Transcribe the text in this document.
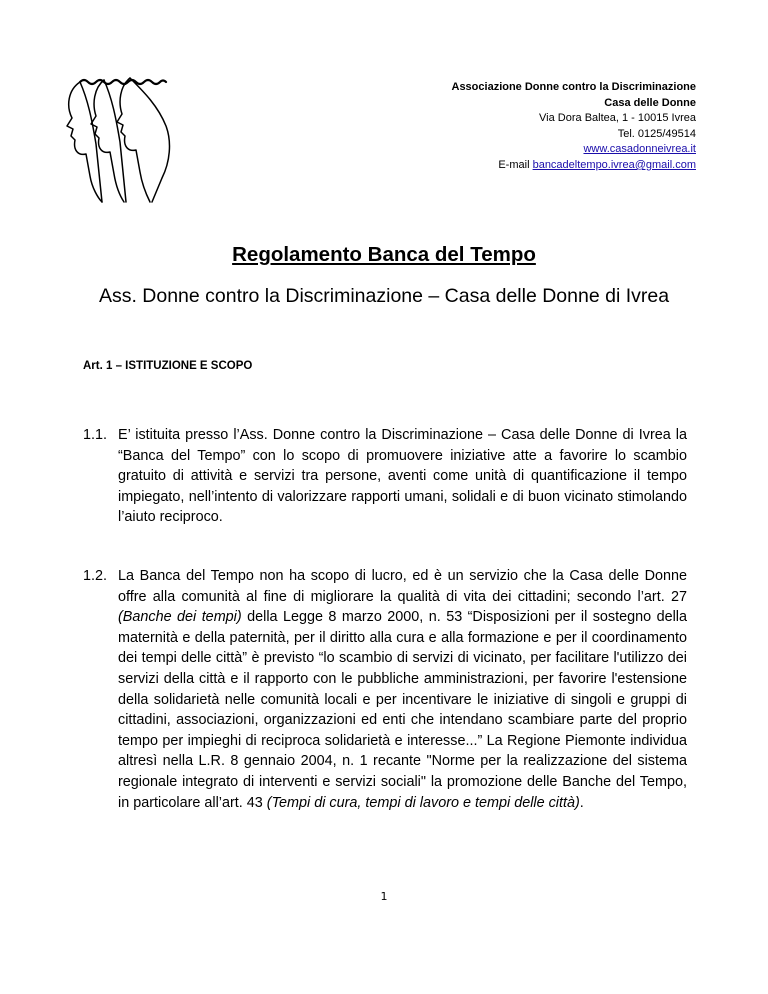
Associazione Donne contro la Discriminazione
Casa delle Donne
Via Dora Baltea, 1 - 10015 Ivrea
Tel. 0125/49514
www.casadonneivrea.it
E-mail bancadeltempo.ivrea@gmail.com
Regolamento Banca del Tempo
Ass. Donne contro la Discriminazione – Casa delle Donne di Ivrea
Art. 1 – ISTITUZIONE E SCOPO
1.1. E’ istituita presso l’Ass. Donne contro la Discriminazione – Casa delle Donne di Ivrea la “Banca del Tempo” con lo scopo di promuovere iniziative atte a favorire lo scambio gratuito di attività e servizi tra persone, aventi come unità di quantificazione il tempo impiegato, nell’intento di valorizzare rapporti umani, solidali e di buon vicinato stimolando l’aiuto reciproco.
1.2. La Banca del Tempo non ha scopo di lucro, ed è un servizio che la Casa delle Donne offre alla comunità al fine di migliorare la qualità di vita dei cittadini; secondo l’art. 27 (Banche dei tempi) della Legge 8 marzo 2000, n. 53 “Disposizioni per il sostegno della maternità e della paternità, per il diritto alla cura e alla formazione e per il coordinamento dei tempi delle città” è previsto “lo scambio di servizi di vicinato, per facilitare l'utilizzo dei servizi della città e il rapporto con le pubbliche amministrazioni, per favorire l'estensione della solidarietà nelle comunità locali e per incentivare le iniziative di singoli e gruppi di cittadini, associazioni, organizzazioni ed enti che intendano scambiare parte del proprio tempo per impieghi di reciproca solidarietà e interesse...” La Regione Piemonte individua altresì nella L.R. 8 gennaio 2004, n. 1 recante "Norme per la realizzazione del sistema regionale integrato di interventi e servizi sociali" la promozione delle Banche del Tempo, in particolare all’art. 43 (Tempi di cura, tempi di lavoro e tempi delle città).
1
